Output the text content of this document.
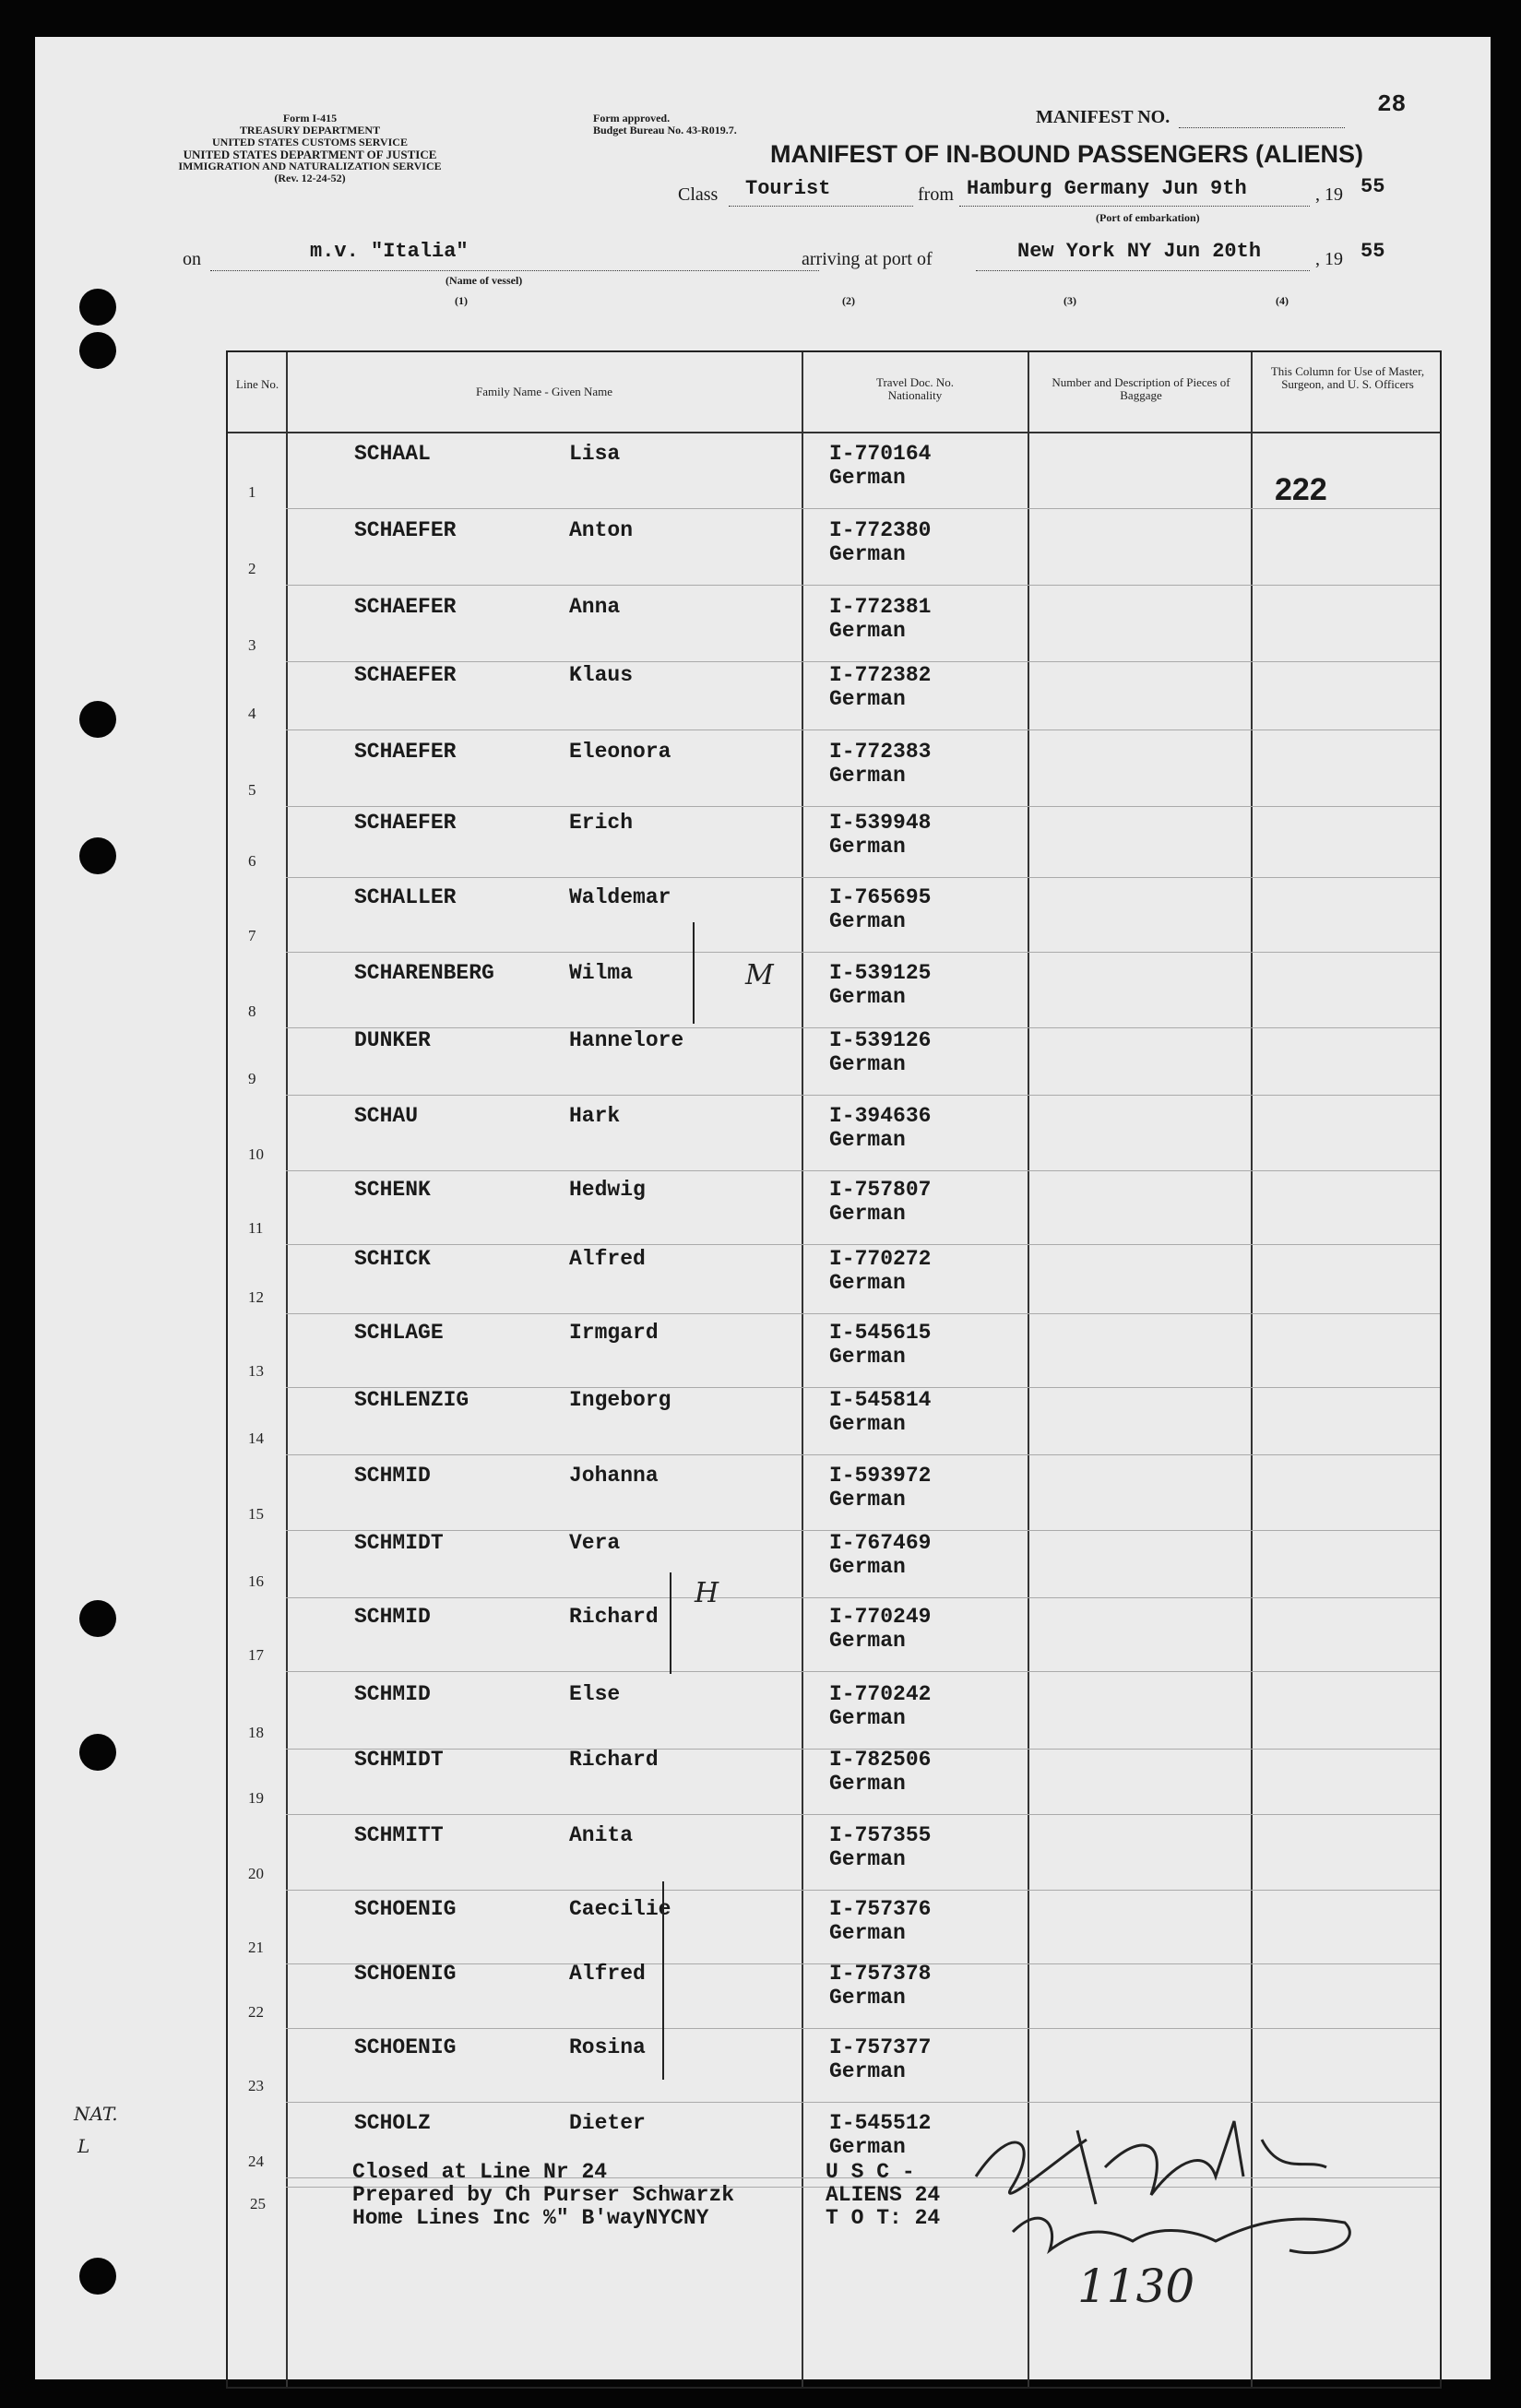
Form I-415
TREASURY DEPARTMENT
UNITED STATES CUSTOMS SERVICE
UNITED STATES DEPARTMENT OF JUSTICE
IMMIGRATION AND NATURALIZATION SERVICE
(Rev. 12-24-52)
Form approved.
Budget Bureau No. 43-R019.7.
MANIFEST NO.	28
MANIFEST OF IN-BOUND PASSENGERS (ALIENS)
Class Tourist	from Hamburg Germany Jun 9th	, 19 55
(Port of embarkation)
on	m.v. "Italia"
(Name of vessel)
arriving at port of	New York NY Jun 20th	, 19 55
(1)	(2)	(3)	(4)
Line No.
Family Name - Given Name
Travel Doc. No. Nationality
Number and Description of Pieces of Baggage
This Column for Use of Master, Surgeon, and U. S. Officers
222
1
SCHAAL	Lisa	I-770164
German
2
SCHAEFER	Anton	I-772380
German
3
SCHAEFER	Anna	I-772381
German
4
SCHAEFER	Klaus	I-772382
German
5
SCHAEFER	Eleonora	I-772383
German
6
SCHAEFER	Erich	I-539948
German
7
SCHALLER	Waldemar	I-765695
German
8
SCHARENBERG	Wilma	I-539125
German
9
DUNKER	Hannelore	I-539126
German
10
SCHAU	Hark	I-394636
German
11
SCHENK	Hedwig	I-757807
German
12
SCHICK	Alfred	I-770272
German
13
SCHLAGE	Irmgard	I-545615
German
14
SCHLENZIG	Ingeborg	I-545814
German
15
SCHMID	Johanna	I-593972
German
16
SCHMIDT	Vera	I-767469
German
17
SCHMID	Richard	I-770249
German
18
SCHMID	Else	I-770242
German
19
SCHMIDT	Richard	I-782506
German
20
SCHMITT	Anita	I-757355
German
21
SCHOENIG	Caecilie	I-757376
German
22
SCHOENIG	Alfred	I-757378
German
23
SCHOENIG	Rosina	I-757377
German
24
SCHOLZ	Dieter	I-545512
German
25
Closed at Line Nr 24
Prepared by Ch Purser Schwarzk
Home Lines Inc %" B'wayNYCNY
U S C -
ALIENS 24
T O T: 24
NAT.
L
M
H
1130
